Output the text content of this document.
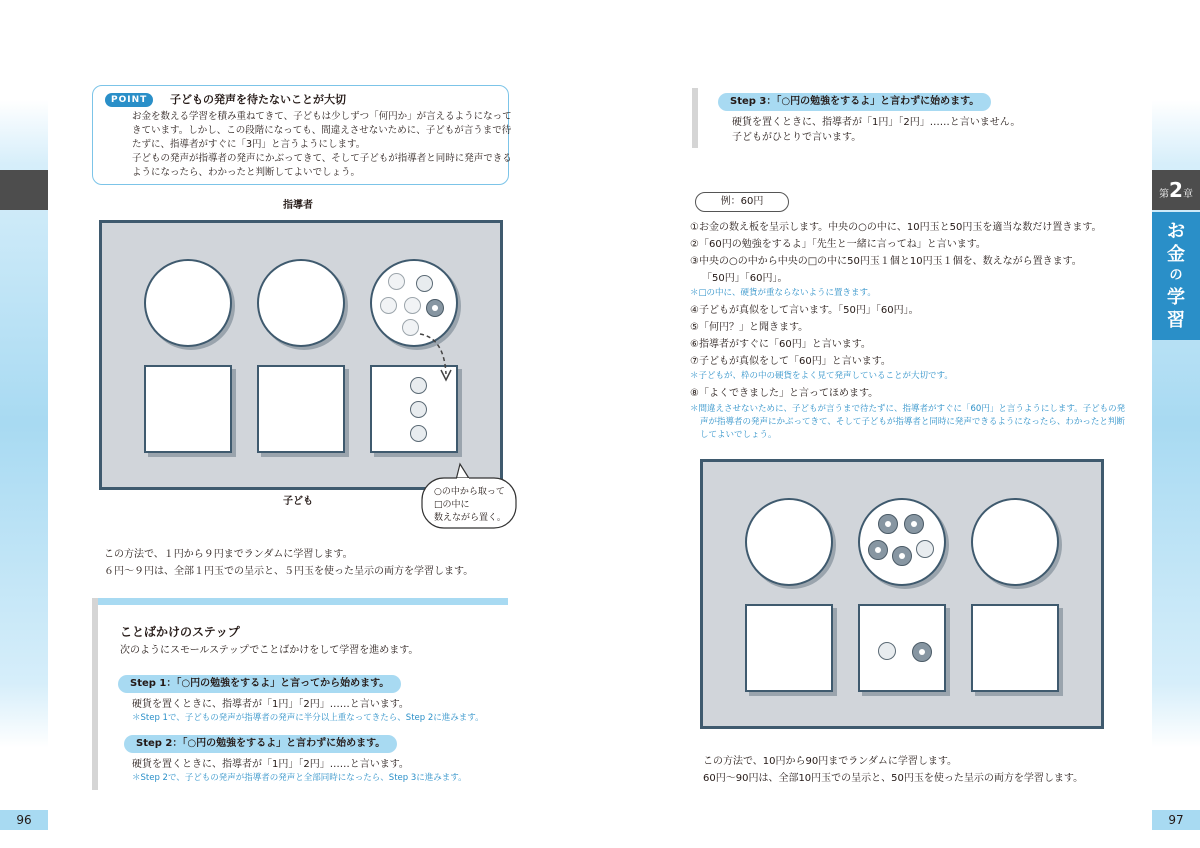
96	97
POINT	子どもの発声を待たないことが大切
お金を数える学習を積み重ねてきて、子どもは少しずつ「何円か」が言えるようになって
きています。しかし、この段階になっても、間違えさせないために、子どもが言うまで待
たずに、指導者がすぐに「3円」と言うようにします。
子どもの発声が指導者の発声にかぶってきて、そして子どもが指導者と同時に発声できる
ようになったら、わかったと判断してよいでしょう。
指導者
子ども
○の中から取って
□の中に
数えながら置く。
この方法で、１円から９円までランダムに学習します。
６円～９円は、全部１円玉での呈示と、５円玉を使った呈示の両方を学習します。
ことばかけのステップ
次のようにスモールステップでことばかけをして学習を進めます。
Step 1：「○円の勉強をするよ」と言ってから始めます。
硬貨を置くときに、指導者が「1円」「2円」……と言います。
＊Step 1で、子どもの発声が指導者の発声に半分以上重なってきたら、Step 2に進みます。
Step 2：「○円の勉強をするよ」と言わずに始めます。
硬貨を置くときに、指導者が「1円」「2円」……と言います。
＊Step 2で、子どもの発声が指導者の発声と全部同時になったら、Step 3に進みます。
Step 3：「○円の勉強をするよ」と言わずに始めます。
硬貨を置くときに、指導者が「1円」「2円」……と言いません。
子どもがひとりで言います。
例：60円
①お金の数え板を呈示します。中央の○の中に、10円玉と50円玉を適当な数だけ置きます。
②「60円の勉強をするよ」「先生と一緒に言ってね」と言います。
③中央の○の中から中央の□の中に50円玉１個と10円玉１個を、数えながら置きます。
「50円」「60円」。
＊□の中に、硬貨が重ならないように置きます。
④子どもが真似をして言います。「50円」「60円」。
⑤「何円？」と聞きます。
⑥指導者がすぐに「60円」と言います。
⑦子どもが真似をして「60円」と言います。
＊子どもが、枠の中の硬貨をよく見て発声していることが大切です。
⑧「よくできました」と言ってほめます。
＊間違えさせないために、子どもが言うまで待たずに、指導者がすぐに「60円」と言うようにします。子どもの発
声が指導者の発声にかぶってきて、そして子どもが指導者と同時に発声できるようになったら、わかったと判断
してよいでしょう。
この方法で、10円から90円までランダムに学習します。
60円～90円は、全部10円玉での呈示と、50円玉を使った呈示の両方を学習します。
第2章
お
金
の
学
習
